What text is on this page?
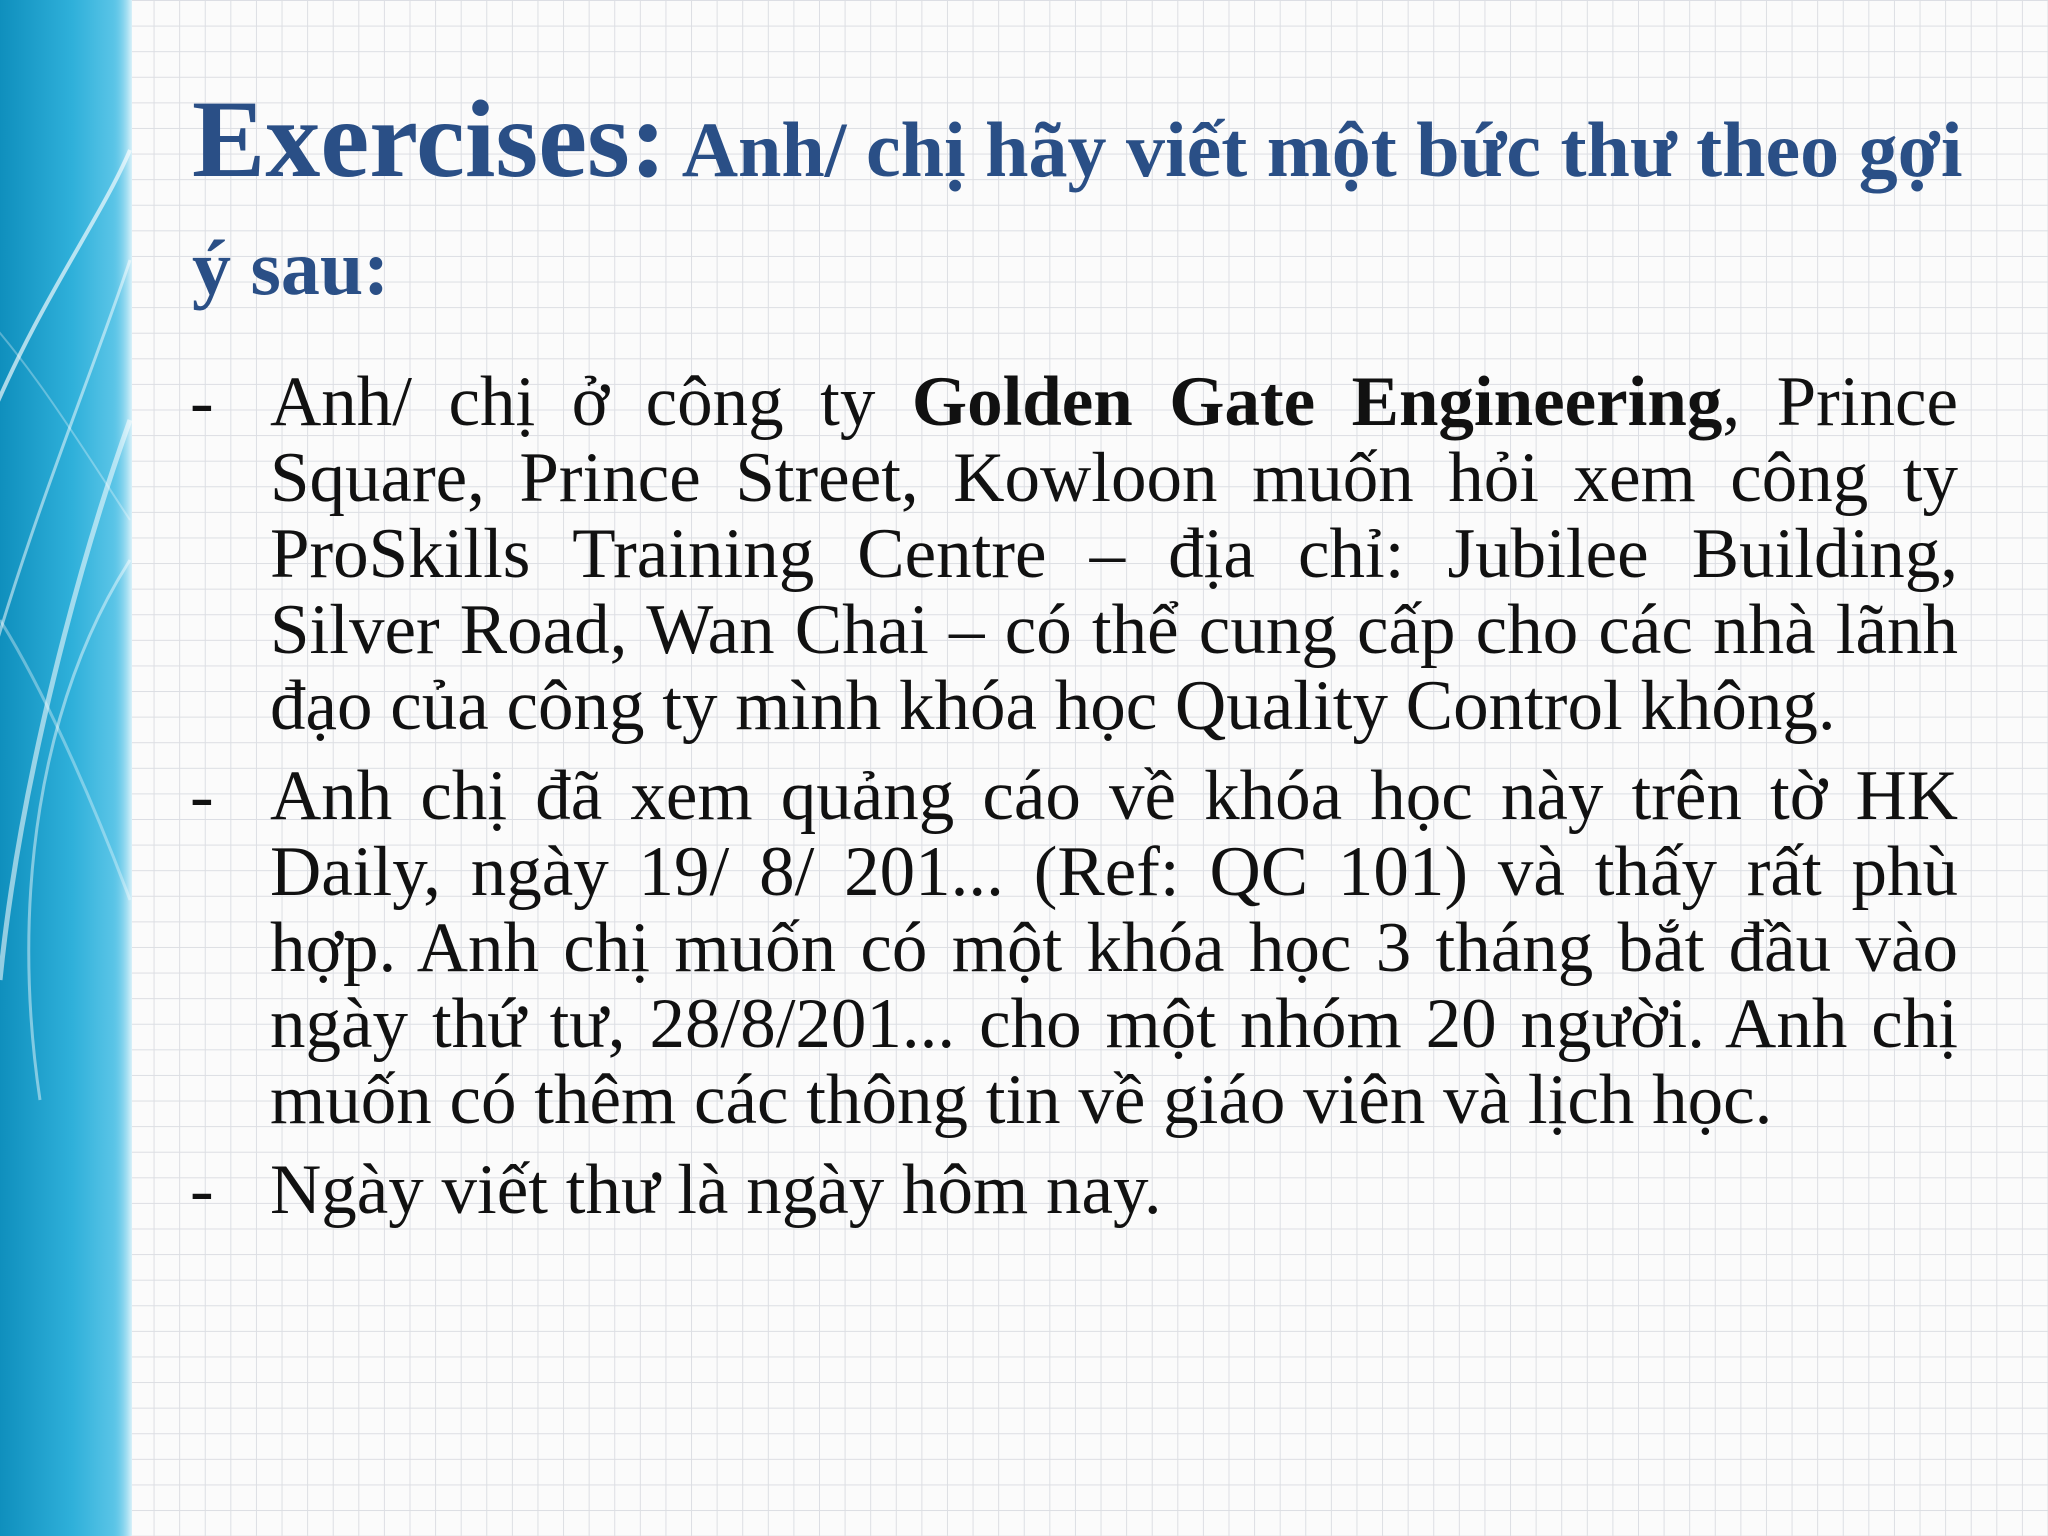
Exercises: Anh/ chị hãy viết một bức thư theo gợi ý sau:
- Anh/ chị ở công ty Golden Gate Engineering, Prince Square, Prince Street, Kowloon muốn hỏi xem công ty ProSkills Training Centre – địa chỉ: Jubilee Building, Silver Road, Wan Chai – có thể cung cấp cho các nhà lãnh đạo của công ty mình khóa học Quality Control không.
- Anh chị đã xem quảng cáo về khóa học này trên tờ HK Daily, ngày 19/ 8/ 201... (Ref: QC 101) và thấy rất phù hợp. Anh chị muốn có một khóa học 3 tháng bắt đầu vào ngày thứ tư, 28/8/201... cho một nhóm 20 người. Anh chị muốn có thêm các thông tin về giáo viên và lịch học.
- Ngày viết thư là ngày hôm nay.
